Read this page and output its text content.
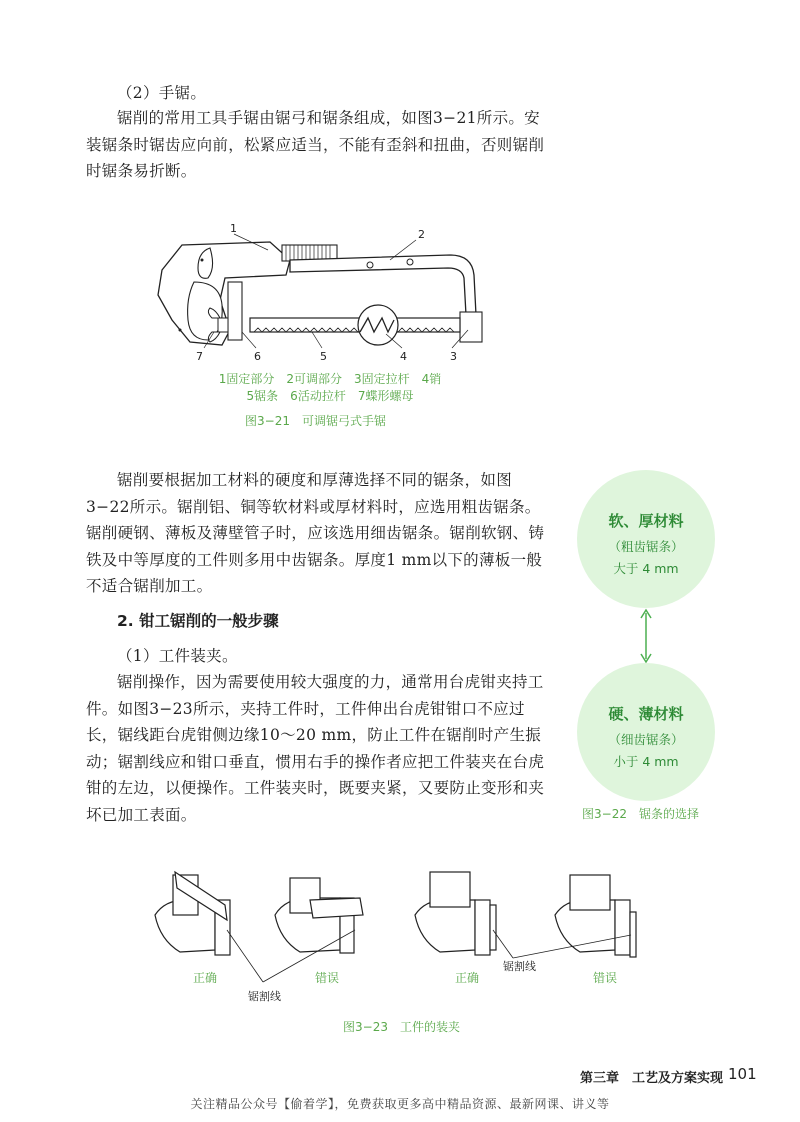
（2）手锯。
锯削的常用工具手锯由锯弓和锯条组成，如图3−21所示。安装锯条时锯齿应向前，松紧应适当，不能有歪斜和扭曲，否则锯削时锯条易折断。
1	2
3
4
5
6
7
1固定部分　2可调部分　3固定拉杆　4销
5锯条　6活动拉杆　7蝶形螺母
图3−21　可调锯弓式手锯
锯削要根据加工材料的硬度和厚薄选择不同的锯条，如图3−22所示。锯削铝、铜等软材料或厚材料时，应选用粗齿锯条。锯削硬钢、薄板及薄壁管子时，应该选用细齿锯条。锯削软钢、铸铁及中等厚度的工件则多用中齿锯条。厚度1 mm以下的薄板一般不适合锯削加工。
软、厚材料
（粗齿锯条）
大于 4 mm
硬、薄材料
（细齿锯条）
小于 4 mm
图3−22　锯条的选择
2. 钳工锯削的一般步骤
（1）工件装夹。
锯削操作，因为需要使用较大强度的力，通常用台虎钳夹持工件。如图3−23所示，夹持工件时，工件伸出台虎钳钳口不应过长，锯线距台虎钳侧边缘10～20 mm，防止工件在锯削时产生振动；锯割线应和钳口垂直，惯用右手的操作者应把工件装夹在台虎钳的左边，以便操作。工件装夹时，既要夹紧，又要防止变形和夹坏已加工表面。
正确	错误	正确	错误
锯割线
锯割线
图3−23　工件的装夹
第三章　工艺及方案实现 101
关注精品公众号【偷着学】，免费获取更多高中精品资源、最新网课、讲义等
